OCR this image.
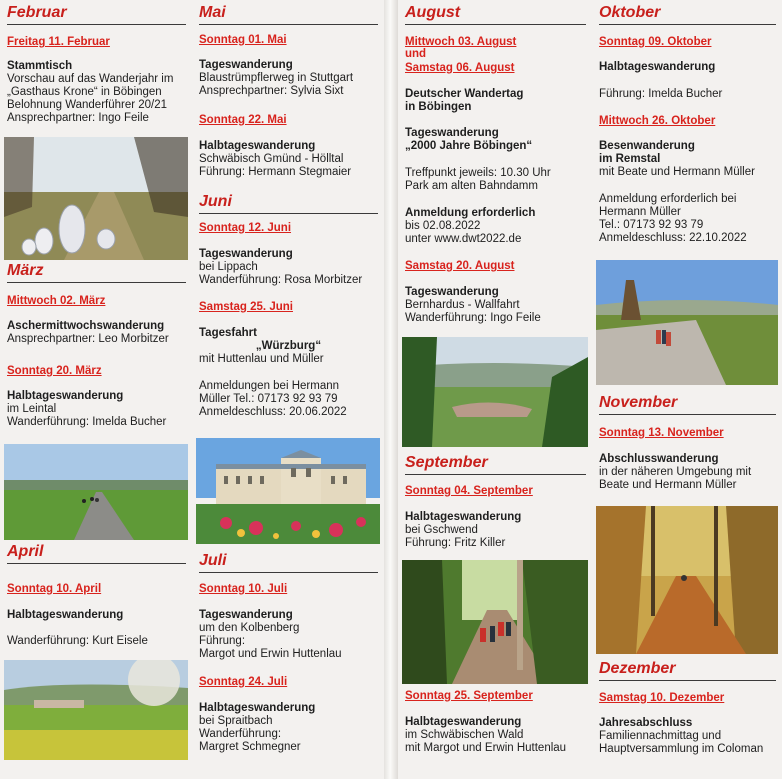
Februar
Freitag 11. Februar
Stammtisch
Vorschau auf das Wanderjahr im
„Gasthaus Krone“ in Böbingen
Belohnung Wanderführer 20/21
Ansprechpartner: Ingo Feile
März
Mittwoch 02. März
Aschermittwochswanderung
Ansprechpartner: Leo Morbitzer
Sonntag 20. März
Halbtageswanderung
im Leintal
Wanderführung: Imelda Bucher
April
Sonntag 10. April
Halbtageswanderung
Wanderführung: Kurt Eisele
Mai
Sonntag 01. Mai
Tageswanderung
Blaustrümpflerweg in Stuttgart
Ansprechpartner: Sylvia Sixt
Sonntag 22. Mai
Halbtageswanderung
Schwäbisch Gmünd - Hölltal
Führung: Hermann Stegmaier
Juni
Sonntag 12. Juni
Tageswanderung
bei Lippach
Wanderführung: Rosa Morbitzer
Samstag 25. Juni
Tagesfahrt
„Würzburg“
mit Huttenlau und Müller
Anmeldungen bei Hermann
Müller Tel.: 07173 92 93 79
Anmeldeschluss: 20.06.2022
Juli
Sonntag 10. Juli
Tageswanderung
um den Kolbenberg
Führung:
Margot und Erwin Huttenlau
Sonntag 24. Juli
Halbtageswanderung
bei Spraitbach
Wanderführung:
Margret Schmegner
August
Mittwoch 03. August
und
Samstag 06. August
Deutscher Wandertag
in Böbingen
Tageswanderung
„2000 Jahre Böbingen“
Treffpunkt jeweils: 10.30 Uhr
Park am alten Bahndamm
Anmeldung erforderlich
bis 02.08.2022
unter www.dwt2022.de
Samstag 20. August
Tageswanderung
Bernhardus - Wallfahrt
Wanderführung: Ingo Feile
September
Sonntag 04. September
Halbtageswanderung
bei Gschwend
Führung: Fritz Killer
Sonntag 25. September
Halbtageswanderung
im Schwäbischen Wald
mit Margot und Erwin Huttenlau
Oktober
Sonntag 09. Oktober
Halbtageswanderung
Führung: Imelda Bucher
Mittwoch 26. Oktober
Besenwanderung
im Remstal
mit Beate und Hermann Müller
Anmeldung erforderlich bei
Hermann Müller
Tel.: 07173 92 93 79
Anmeldeschluss: 22.10.2022
November
Sonntag 13. November
Abschlusswanderung
in der näheren Umgebung mit
Beate und Hermann Müller
Dezember
Samstag 10. Dezember
Jahresabschluss
Familiennachmittag und
Hauptversammlung im Coloman
